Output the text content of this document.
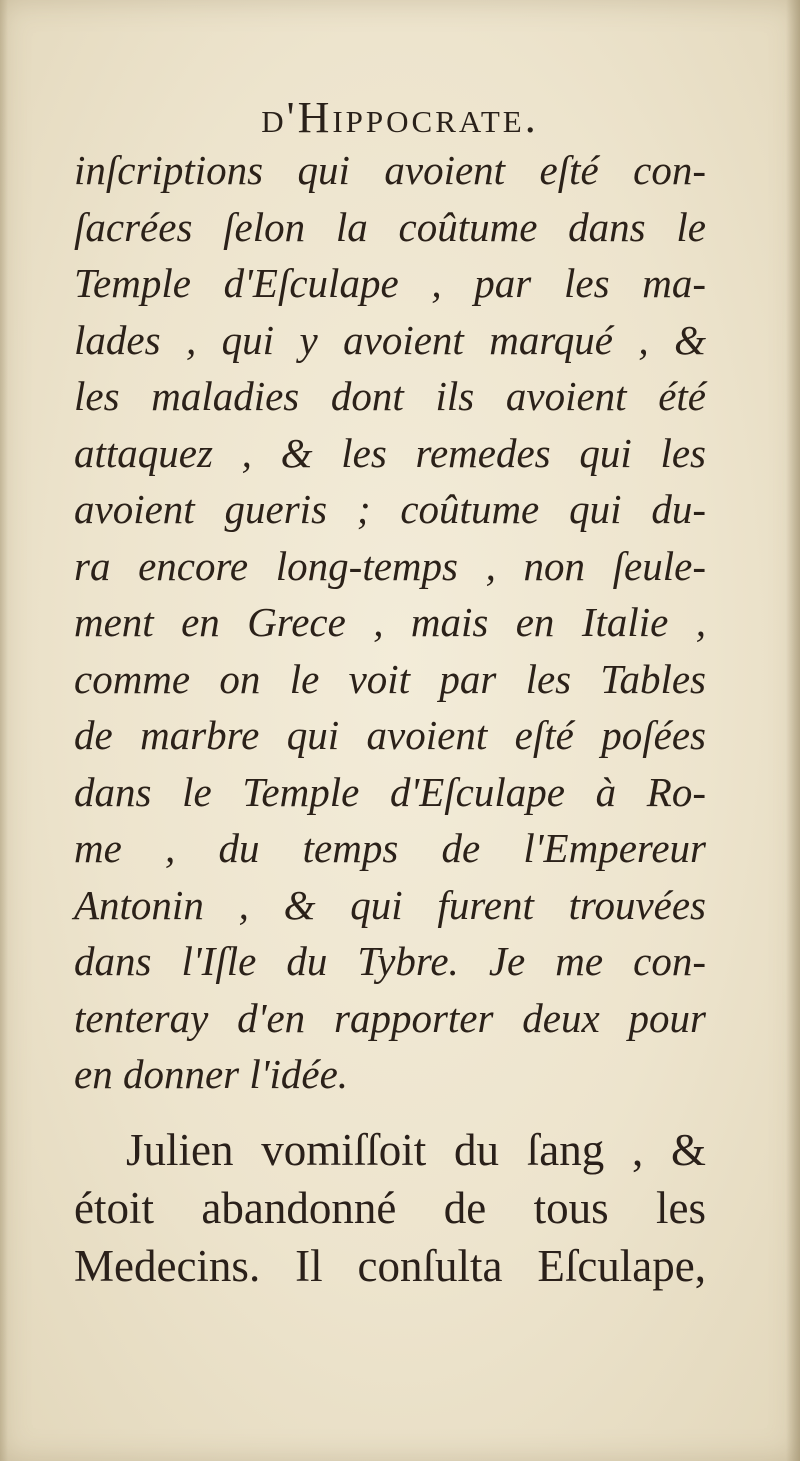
d'Hippocrate.
inſcriptions qui avoient eſté con-
ſacrées ſelon la coûtume dans le
Temple d'Eſculape , par les ma-
lades , qui y avoient marqué , &
les maladies dont ils avoient été
attaquez , & les remedes qui les
avoient gueris ; coûtume qui du-
ra encore long-temps , non ſeule-
ment en Grece , mais en Italie ,
comme on le voit par les Tables
de marbre qui avoient eſté poſées
dans le Temple d'Eſculape à Ro-
me , du temps de l'Empereur
Antonin , & qui furent trouvées
dans l'Iſle du Tybre. Je me con-
tenteray d'en rapporter deux pour
en donner l'idée.
Julien vomiſſoit du ſang , &
étoit abandonné de tous les
Medecins. Il conſulta Eſculape,
